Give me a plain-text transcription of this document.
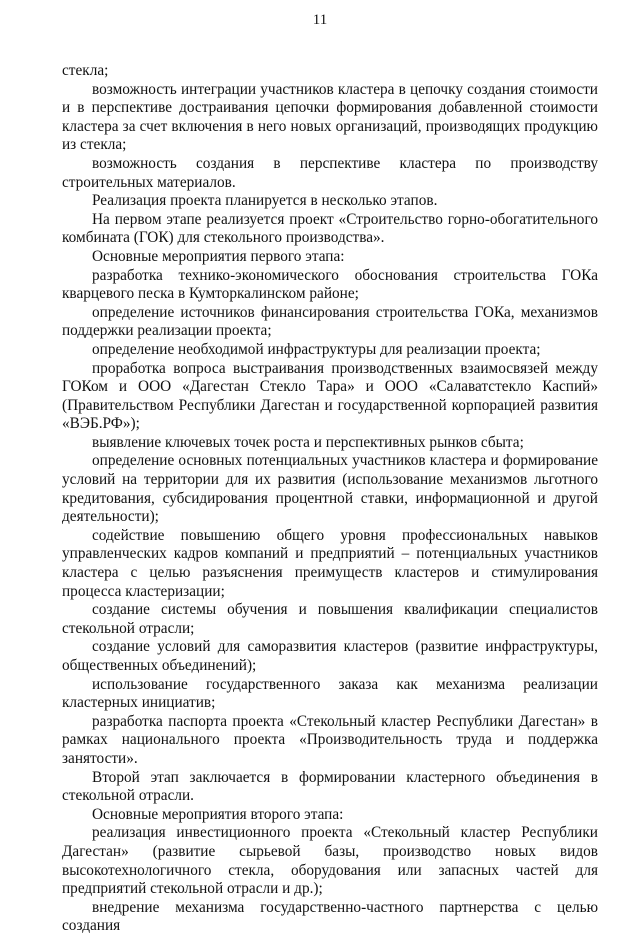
11

стекла;

возможность интеграции участников кластера в цепочку создания стоимости и в перспективе достраивания цепочки формирования добавленной стоимости кластера за счет включения в него новых организаций, производящих продукцию из стекла;

возможность создания в перспективе кластера по производству строительных материалов.

Реализация проекта планируется в несколько этапов.

На первом этапе реализуется проект «Строительство горно-обогатительного комбината (ГОК) для стекольного производства».

Основные мероприятия первого этапа:

разработка технико-экономического обоснования строительства ГОКа кварцевого песка в Кумторкалинском районе;

определение источников финансирования строительства ГОКа, механизмов поддержки реализации проекта;

определение необходимой инфраструктуры для реализации проекта;

проработка вопроса выстраивания производственных взаимосвязей между ГОКом и ООО «Дагестан Стекло Тара» и ООО «Салаватстекло Каспий» (Правительством Республики Дагестан и государственной корпорацией развития «ВЭБ.РФ»);

выявление ключевых точек роста и перспективных рынков сбыта;

определение основных потенциальных участников кластера и формирование условий на территории для их развития (использование механизмов льготного кредитования, субсидирования процентной ставки, информационной и другой деятельности);

содействие повышению общего уровня профессиональных навыков управленческих кадров компаний и предприятий – потенциальных участников кластера с целью разъяснения преимуществ кластеров и стимулирования процесса кластеризации;

создание системы обучения и повышения квалификации специалистов стекольной отрасли;

создание условий для саморазвития кластеров (развитие инфраструктуры, общественных объединений);

использование государственного заказа как механизма реализации кластерных инициатив;

разработка паспорта проекта «Стекольный кластер Республики Дагестан» в рамках национального проекта «Производительность труда и поддержка занятости».

Второй этап заключается в формировании кластерного объединения в стекольной отрасли.

Основные мероприятия второго этапа:

реализация инвестиционного проекта «Стекольный кластер Республики Дагестан» (развитие сырьевой базы, производство новых видов высокотехнологичного стекла, оборудования или запасных частей для предприятий стекольной отрасли и др.);

внедрение механизма государственно-частного партнерства с целью создания
